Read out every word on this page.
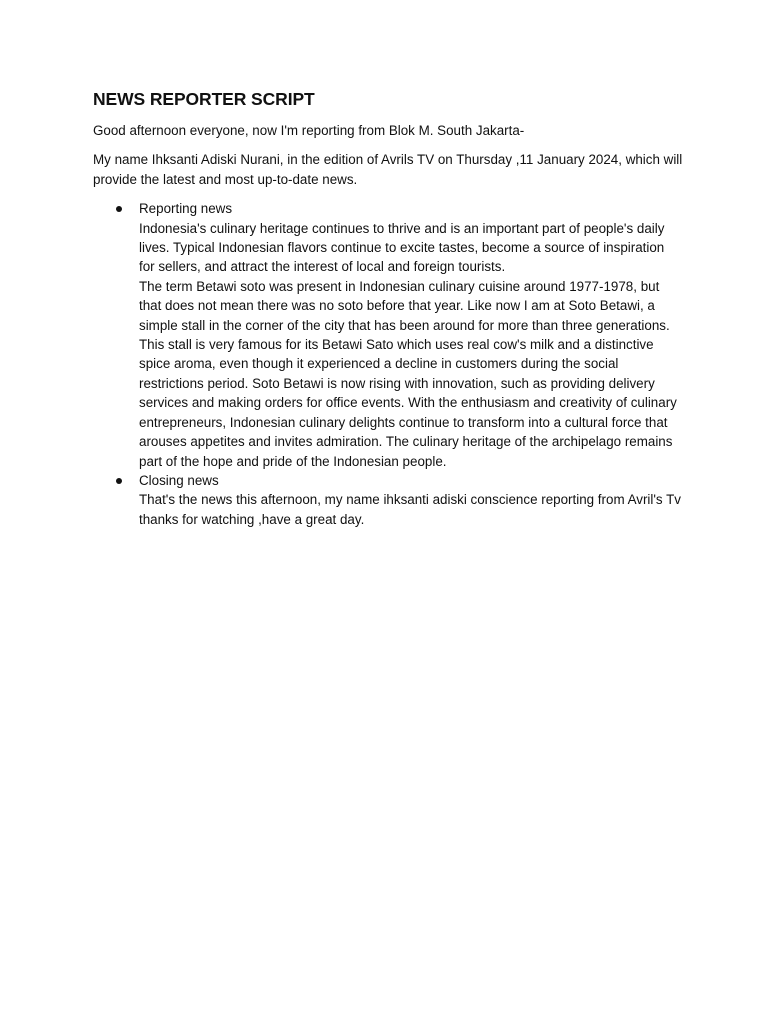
NEWS REPORTER SCRIPT

Good afternoon everyone, now I'm reporting from Blok M. South Jakarta-

My name Ihksanti Adiski Nurani, in the edition of Avrils TV on Thursday ,11 January 2024, which will provide the latest and most up-to-date news.

Reporting news
Indonesia's culinary heritage continues to thrive and is an important part of people's daily lives. Typical Indonesian flavors continue to excite tastes, become a source of inspiration for sellers, and attract the interest of local and foreign tourists.
The term Betawi soto was present in Indonesian culinary cuisine around 1977-1978, but that does not mean there was no soto before that year. Like now I am at Soto Betawi, a simple stall in the corner of the city that has been around for more than three generations. This stall is very famous for its Betawi Sato which uses real cow's milk and a distinctive spice aroma, even though it experienced a decline in customers during the social restrictions period. Soto Betawi is now rising with innovation, such as providing delivery services and making orders for office events. With the enthusiasm and creativity of culinary entrepreneurs, Indonesian culinary delights continue to transform into a cultural force that arouses appetites and invites admiration. The culinary heritage of the archipelago remains part of the hope and pride of the Indonesian people.
Closing news
That's the news this afternoon, my name ihksanti adiski conscience reporting from Avril's Tv thanks for watching ,have a great day.
